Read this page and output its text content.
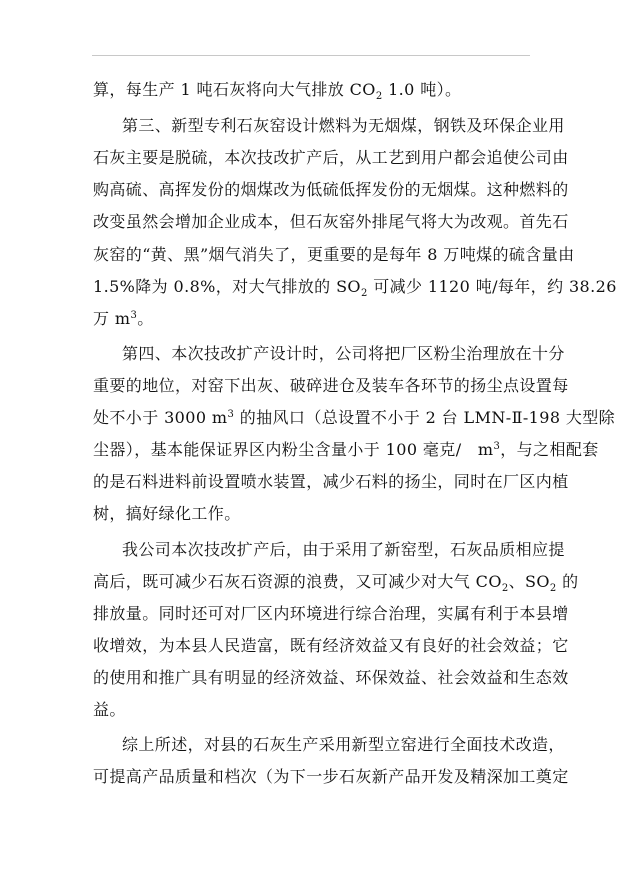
算，每生产 1 吨石灰将向大气排放 $CO_2$ 1.0 吨）。
第三、新型专利石灰窑设计燃料为无烟煤，钢铁及环保企业用
石灰主要是脱硫，本次技改扩产后，从工艺到用户都会追使公司由
购高硫、高挥发份的烟煤改为低硫低挥发份的无烟煤。这种燃料的
改变虽然会增加企业成本，但石灰窑外排尾气将大为改观。首先石
灰窑的“黄、黑”烟气消失了，更重要的是每年 8 万吨煤的硫含量由
1.5%降为 0.8%，对大气排放的 $SO_2$ 可减少 1120 吨/每年，约 38.26
万 $m^3$。
第四、本次技改扩产设计时，公司将把厂区粉尘治理放在十分
重要的地位，对窑下出灰、破碎进仓及装车各环节的扬尘点设置每
处不小于 3000 $m^3$ 的抽风口（总设置不小于 2 台 LMN-Ⅱ-198 大型除
尘器），基本能保证界区内粉尘含量小于 100 毫克/　$m^3$，与之相配套
的是石料进料前设置喷水装置，减少石料的扬尘，同时在厂区内植
树，搞好绿化工作。
我公司本次技改扩产后，由于采用了新窑型，石灰品质相应提
高后，既可减少石灰石资源的浪费，又可减少对大气 $CO_2$、$SO_2$ 的
排放量。同时还可对厂区内环境进行综合治理，实属有利于本县增
收增效，为本县人民造富，既有经济效益又有良好的社会效益；它
的使用和推广具有明显的经济效益、环保效益、社会效益和生态效
益。
综上所述，对县的石灰生产采用新型立窑进行全面技术改造，
可提高产品质量和档次（为下一步石灰新产品开发及精深加工奠定
